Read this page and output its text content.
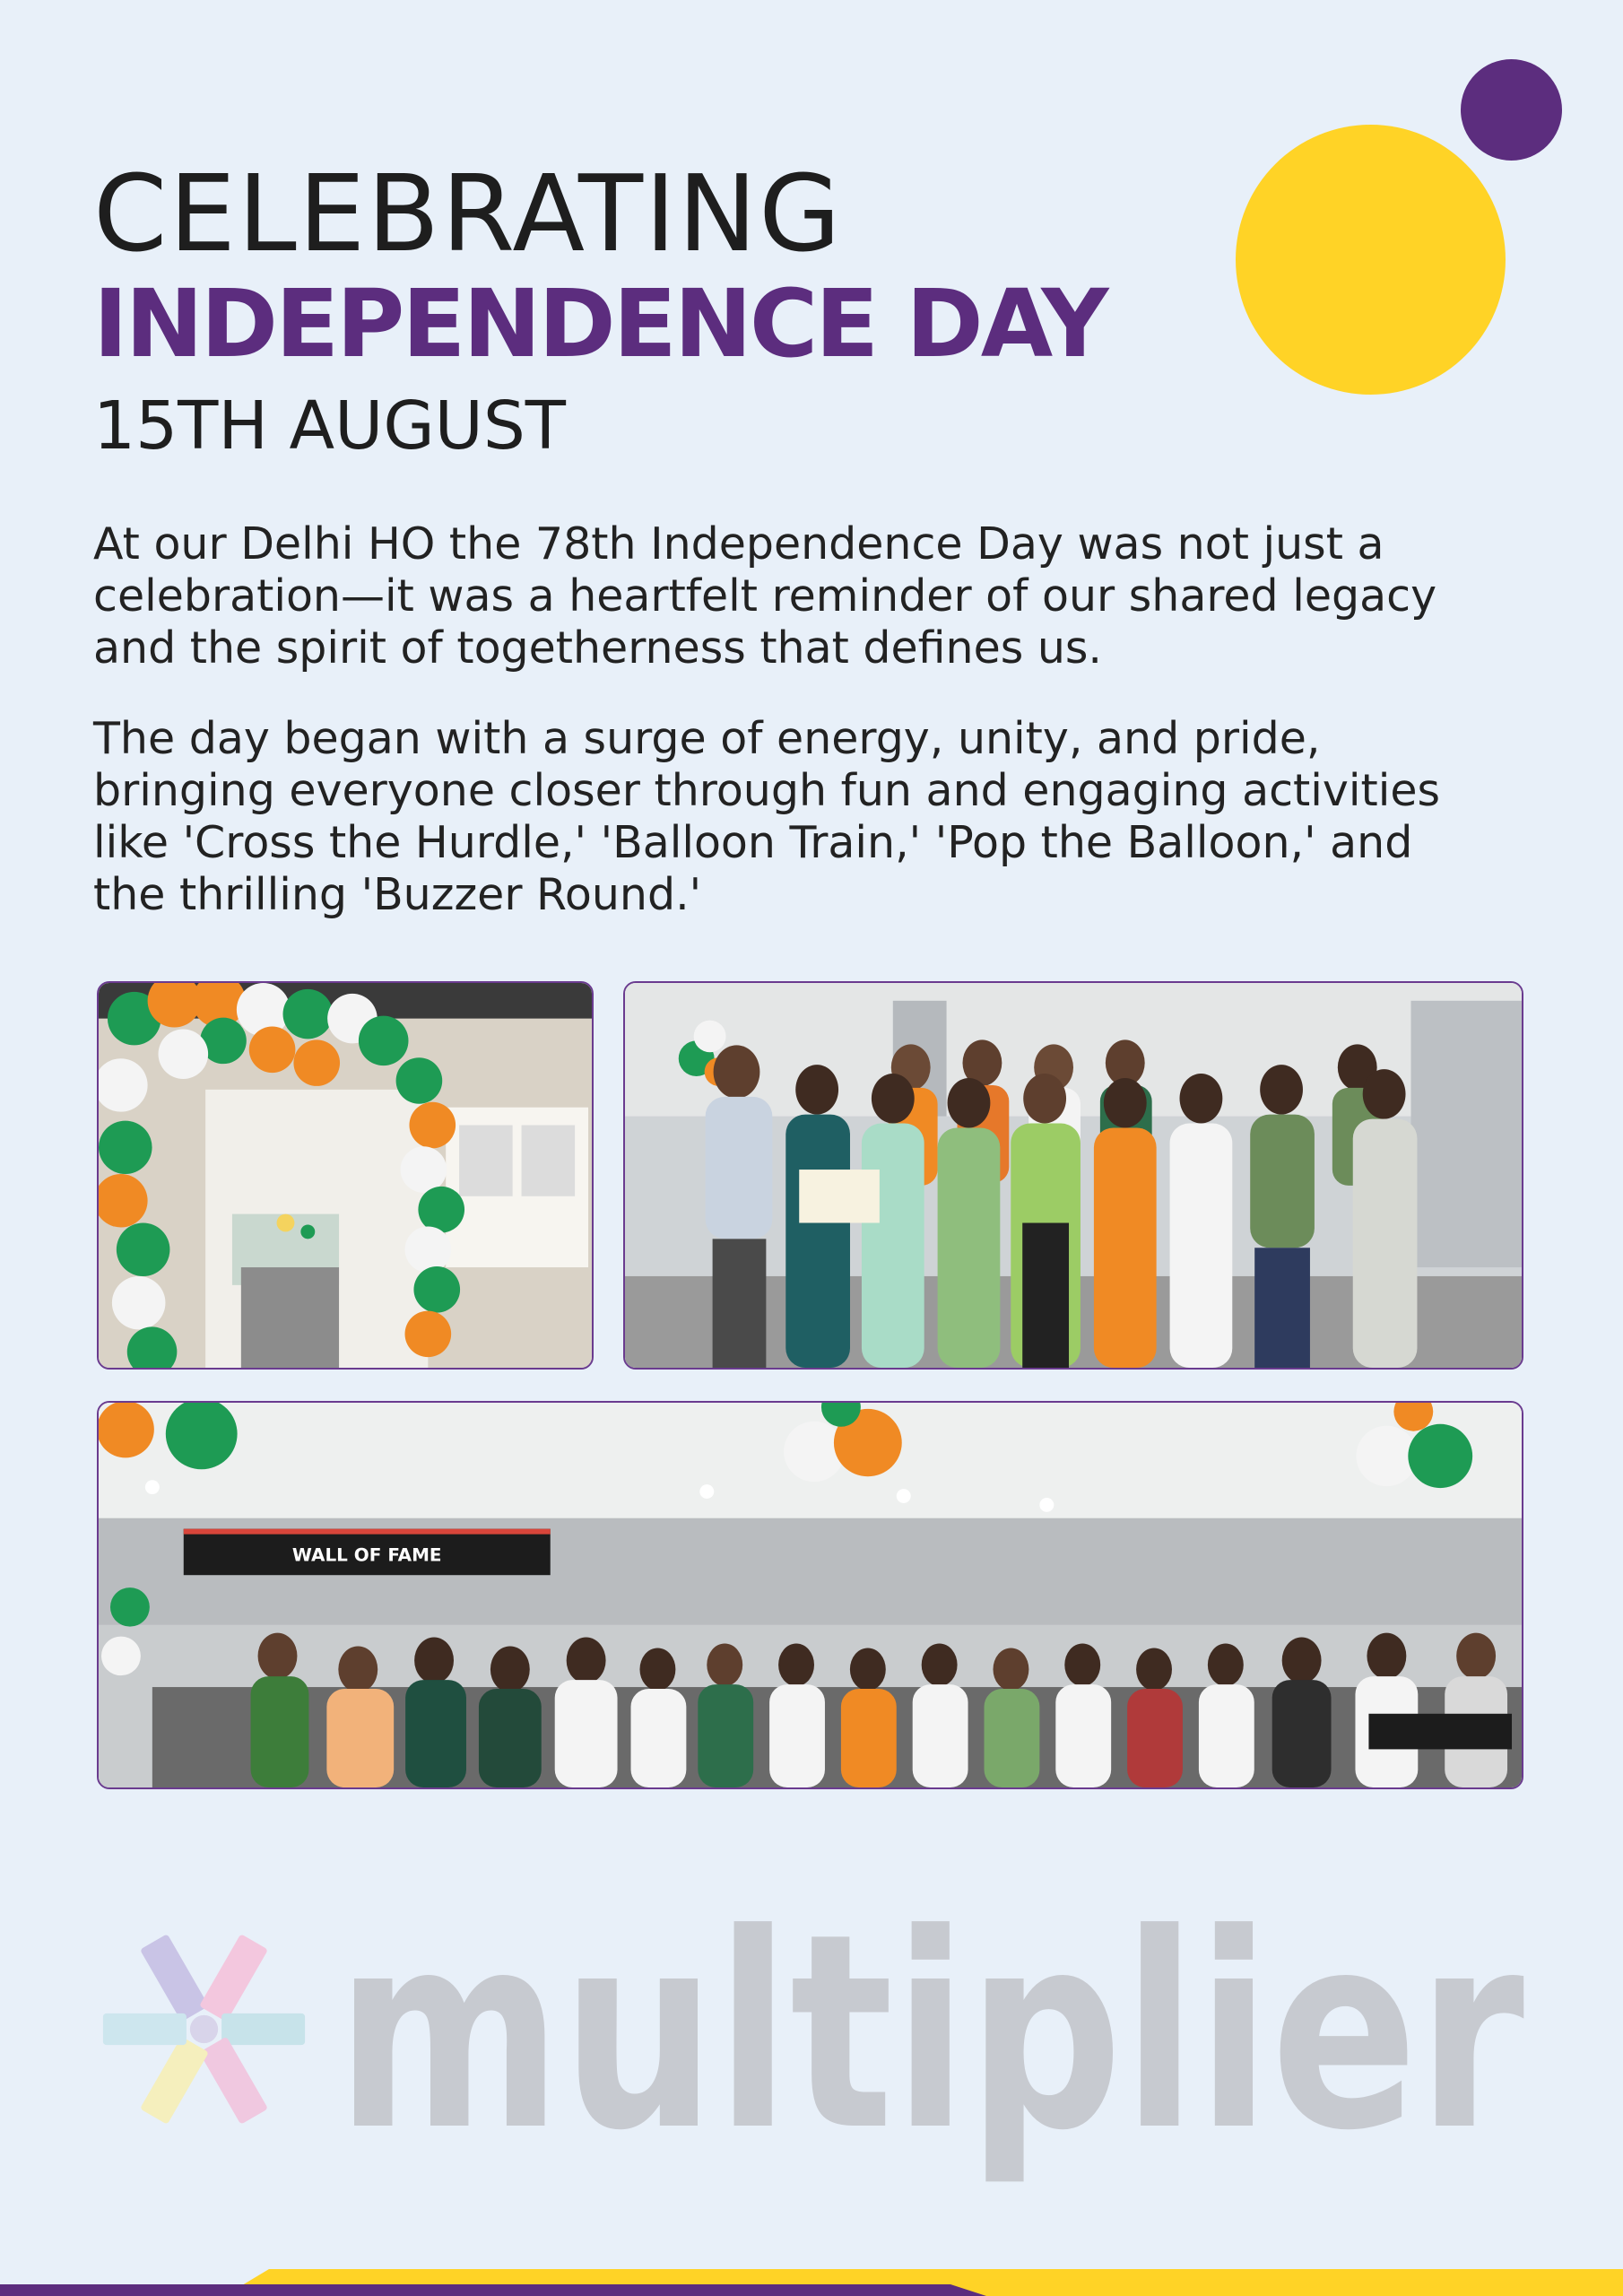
CELEBRATING
INDEPENDENCE DAY
15TH AUGUST

At our Delhi HO the 78th Independence Day was not just a celebration—it was a heartfelt reminder of our shared legacy and the spirit of togetherness that defines us.

The day began with a surge of energy, unity, and pride, bringing everyone closer through fun and engaging activities like 'Cross the Hurdle,' 'Balloon Train,' 'Pop the Balloon,' and the thrilling 'Buzzer Round.'

WALL OF FAME
multiplier
